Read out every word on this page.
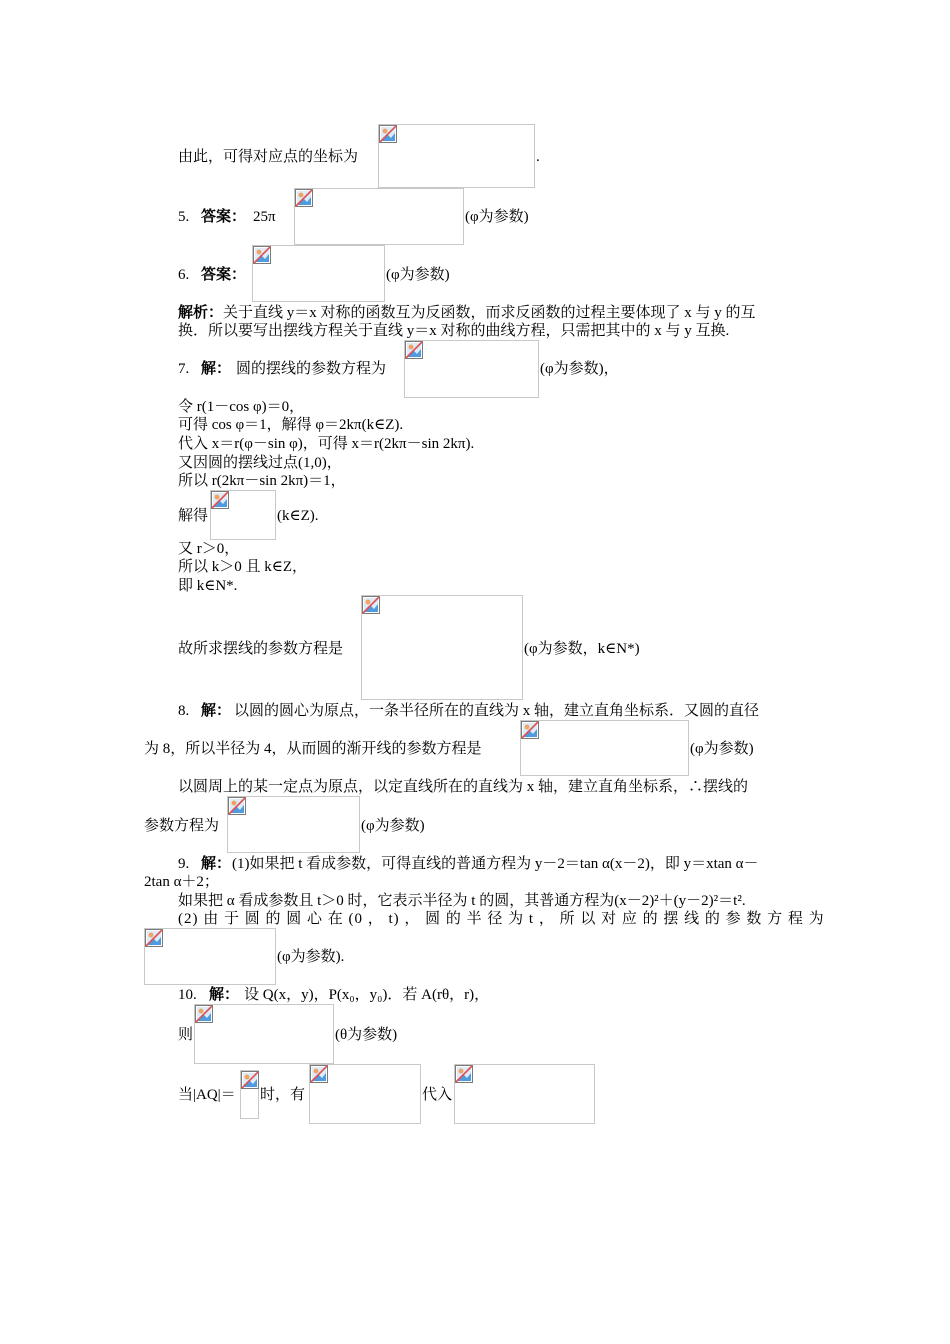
由此，可得对应点的坐标为	.
5. 答案： 25π	(φ为参数)
6. 答案：	(φ为参数)
解析：关于直线 y＝x 对称的函数互为反函数，而求反函数的过程主要体现了 x 与 y 的互
换．所以要写出摆线方程关于直线 y＝x 对称的曲线方程，只需把其中的 x 与 y 互换.
7. 解： 圆的摆线的参数方程为	(φ为参数)，
令 r(1－cos φ)＝0，
可得 cos φ＝1，解得 φ＝2kπ(k∈Z).
代入 x＝r(φ－sin φ)，可得 x＝r(2kπ－sin 2kπ).
又因圆的摆线过点(1,0)，
所以 r(2kπ－sin 2kπ)＝1，
解得	(k∈Z).
又 r＞0，
所以 k＞0 且 k∈Z，
即 k∈N*.
故所求摆线的参数方程是	(φ为参数，k∈N*)
8. 解： 以圆的圆心为原点，一条半径所在的直线为 x 轴，建立直角坐标系．又圆的直径
为 8，所以半径为 4，从而圆的渐开线的参数方程是	(φ为参数)
以圆周上的某一定点为原点，以定直线所在的直线为 x 轴，建立直角坐标系，∴摆线的
参数方程为	(φ为参数)
9. 解： (1)如果把 t 看成参数，可得直线的普通方程为 y－2＝tan α(x－2)，即 y＝xtan α－
2tan α＋2；
如果把 α 看成参数且 t＞0 时，它表示半径为 t 的圆，其普通方程为(x－2)²＋(y－2)²＝t².
(2) 由 于 圆 的 圆 心 在 (0 ， t) ， 圆 的 半 径 为 t ， 所 以 对 应 的 摆 线 的 参 数 方 程 为
(φ为参数).
10. 解： 设 Q(x，y)，P(x₀，y₀)．若 A(rθ，r)，
则	(θ为参数)
当|AQ|＝ 时，有	代入
